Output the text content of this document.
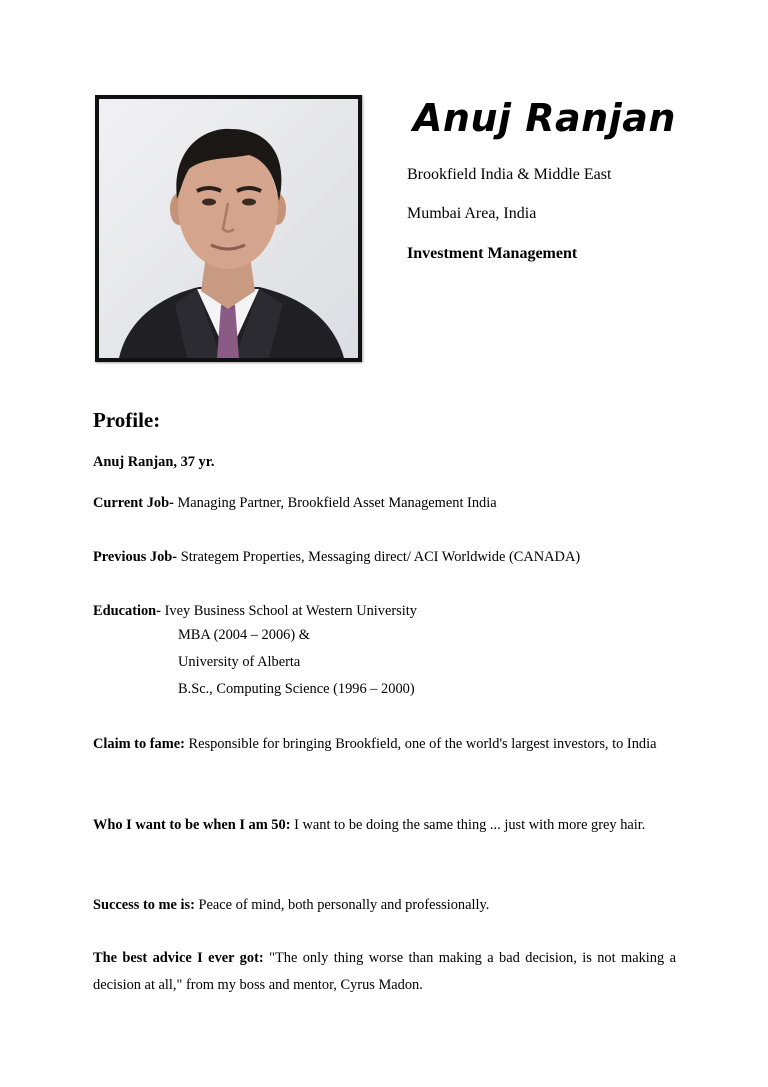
Anuj Ranjan
Brookfield India & Middle East
Mumbai Area, India
Investment Management
Profile:
Anuj Ranjan, 37 yr.
Current Job- Managing Partner, Brookfield Asset Management India
Previous Job- Strategem Properties, Messaging direct/ ACI Worldwide (CANADA)
Education- Ivey Business School at Western University
MBA (2004 – 2006) &
University of Alberta
B.Sc., Computing Science (1996 – 2000)
Claim to fame: Responsible for bringing Brookfield, one of the world's largest investors, to India
Who I want to be when I am 50: I want to be doing the same thing ... just with more grey hair.
Success to me is: Peace of mind, both personally and professionally.
The best advice I ever got: "The only thing worse than making a bad decision, is not making a decision at all," from my boss and mentor, Cyrus Madon.
